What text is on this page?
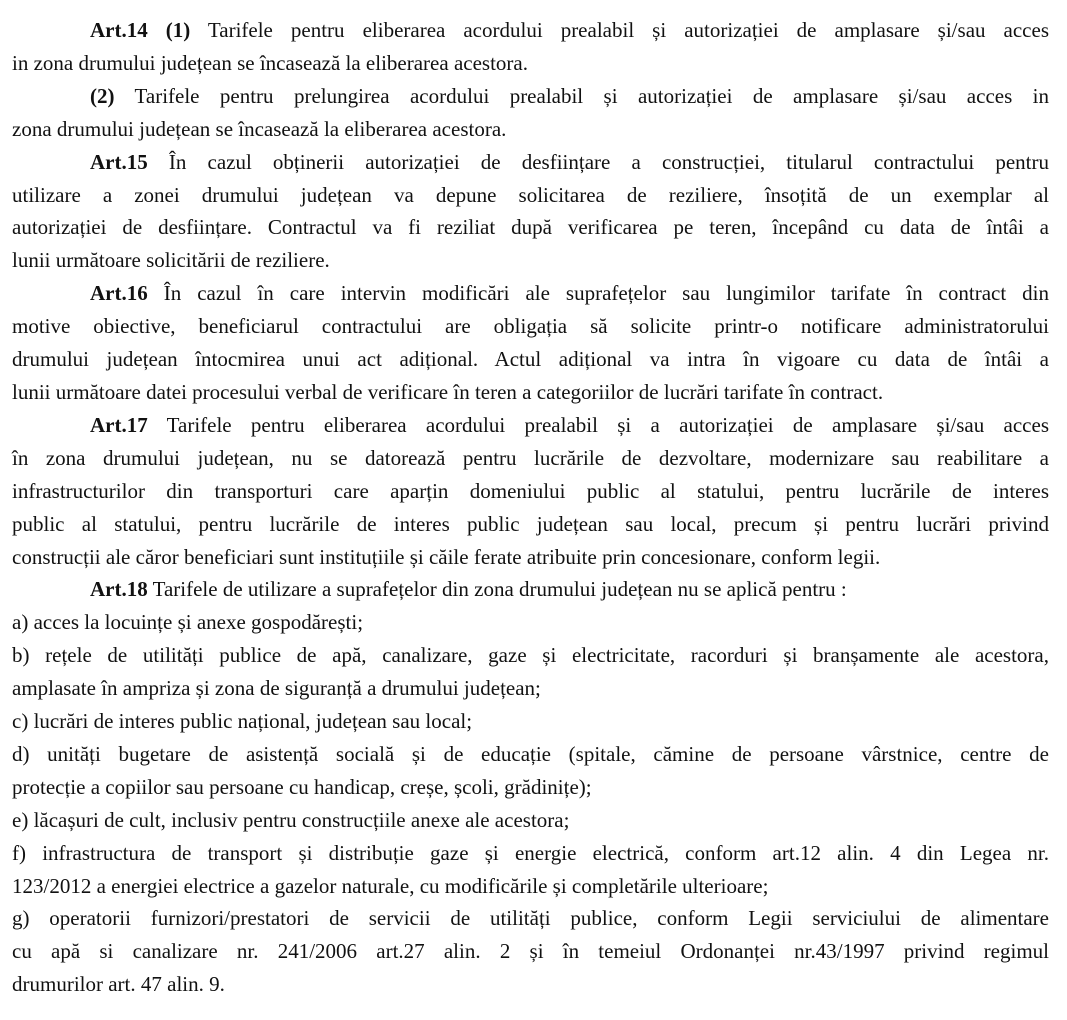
Art.14 (1) Tarifele pentru eliberarea acordului prealabil și autorizației de amplasare și/sau acces
in zona drumului județean se încasează la eliberarea acestora.
(2) Tarifele pentru prelungirea acordului prealabil și autorizației de amplasare și/sau acces in
zona drumului județean se încasează la eliberarea acestora.
Art.15 În cazul obținerii autorizației de desființare a construcției, titularul contractului pentru
utilizare a zonei drumului județean va depune solicitarea de reziliere, însoțită de un exemplar al
autorizației de desființare. Contractul va fi reziliat după verificarea pe teren, începând cu data de întâi a
lunii următoare solicitării de reziliere.
Art.16 În cazul în care intervin modificări ale suprafețelor sau lungimilor tarifate în contract din
motive obiective, beneficiarul contractului are obligația să solicite printr-o notificare administratorului
drumului județean întocmirea unui act adițional. Actul adițional va intra în vigoare cu data de întâi a
lunii următoare datei procesului verbal de verificare în teren a categoriilor de lucrări tarifate în contract.
Art.17 Tarifele pentru eliberarea acordului prealabil și a autorizației de amplasare și/sau acces
în zona drumului județean, nu se datorează pentru lucrările de dezvoltare, modernizare sau reabilitare a
infrastructurilor din transporturi care aparțin domeniului public al statului, pentru lucrările de interes
public al statului, pentru lucrările de interes public județean sau local, precum și pentru lucrări privind
construcții ale căror beneficiari sunt instituțiile și căile ferate atribuite prin concesionare, conform legii.
Art.18 Tarifele de utilizare a suprafețelor din zona drumului județean nu se aplică pentru :
a) acces la locuințe și anexe gospodărești;
b) rețele de utilități publice de apă, canalizare, gaze și electricitate, racorduri și branșamente ale acestora,
amplasate în ampriza și zona de siguranță a drumului județean;
c) lucrări de interes public național, județean sau local;
d) unități bugetare de asistență socială și de educație (spitale, cămine de persoane vârstnice, centre de
protecție a copiilor sau persoane cu handicap, creșe, școli, grădinițe);
e) lăcașuri de cult, inclusiv pentru construcțiile anexe ale acestora;
f) infrastructura de transport și distribuție gaze și energie electrică, conform art.12 alin. 4 din Legea nr.
123/2012 a energiei electrice a gazelor naturale, cu modificările și completările ulterioare;
g) operatorii furnizori/prestatori de servicii de utilități publice, conform Legii serviciului de alimentare
cu apă si canalizare nr. 241/2006 art.27 alin. 2 și în temeiul Ordonanței nr.43/1997 privind regimul
drumurilor art. 47 alin. 9.
